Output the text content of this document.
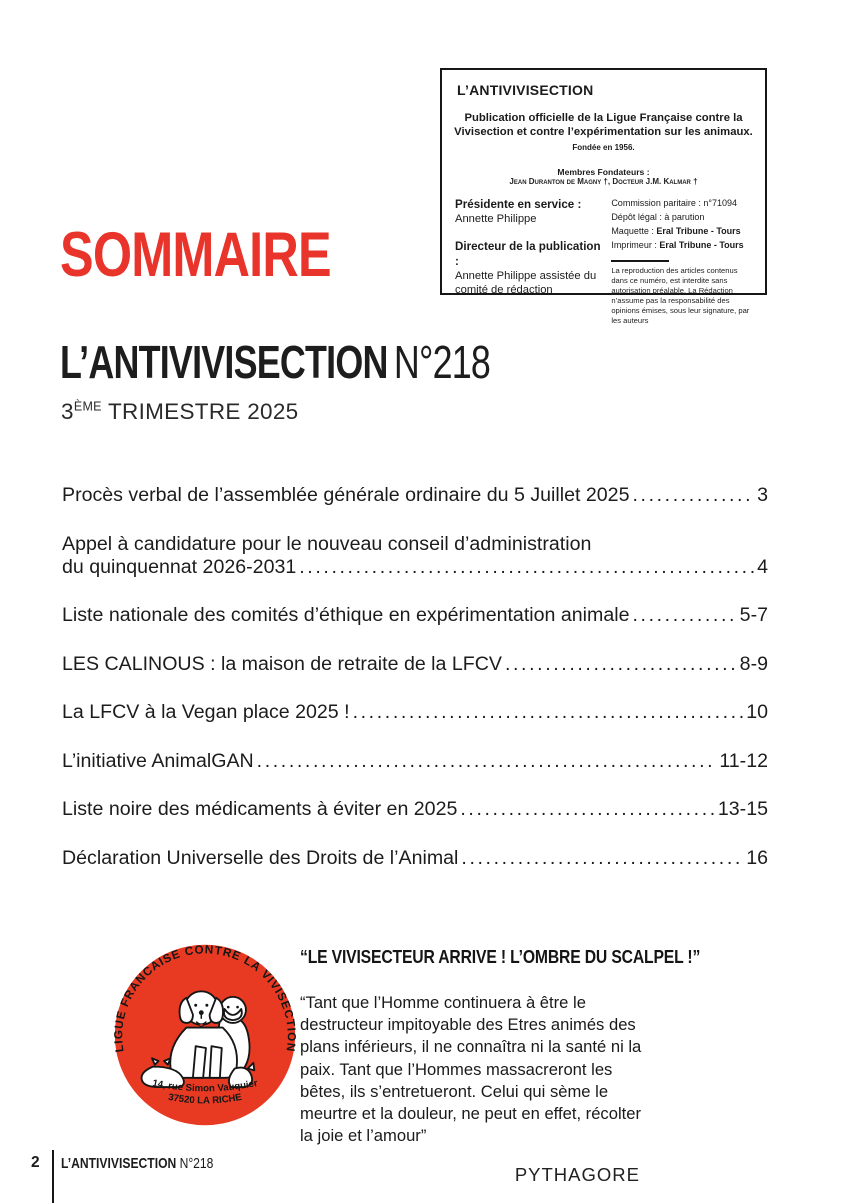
L’ANTIVIVISECTION
Publication officielle de la Ligue Française contre la Vivisection et contre l’expérimentation sur les animaux.
Fondée en 1956.
Membres Fondateurs :
Jean Duranton de Magny †, Docteur J.M. Kalmar †
Présidente en service :
Annette Philippe
Directeur de la publication :
Annette Philippe assistée du comité de rédaction
Commission paritaire : n°71094
Dépôt légal : à parution
Maquette : Eral Tribune - Tours
Imprimeur : Eral Tribune - Tours
La reproduction des articles contenus dans ce numéro, est interdite sans autorisation préalable. La Rédaction n’assume pas la responsabilité des opinions émises, sous leur signature, par les auteurs
SOMMAIRE
L’ANTIVIVISECTION N°218
3ÈME TRIMESTRE 2025
Procès verbal de l’assemblée générale ordinaire du 5 Juillet 2025 .....	3
Appel à candidature pour le nouveau conseil d’administration
du quinquennat 2026-2031 .....	4
Liste nationale des comités d’éthique en expérimentation animale .....	5-7
LES CALINOUS : la maison de retraite de la LFCV .....	8-9
La LFCV à la Vegan place 2025 ! .....	10
L’initiative AnimalGAN .....	11-12
Liste noire des médicaments à éviter en 2025 .....	13-15
Déclaration Universelle des Droits de l’Animal .....	16
LIGUE FRANCAISE CONTRE LA VIVISECTION
14, rue Simon Vauquier
37520 LA RICHE
“LE VIVISECTEUR ARRIVE ! L’OMBRE DU SCALPEL !”
“Tant que l’Homme continuera à être le destructeur impitoyable des Etres animés des plans inférieurs, il ne connaîtra ni la santé ni la paix. Tant que l’Hommes massacreront les bêtes, ils s’entretueront. Celui qui sème le meurtre et la douleur, ne peut en effet, récolter la joie et l’amour”
PYTHAGORE
2 L’ANTIVIVISECTION N°218
